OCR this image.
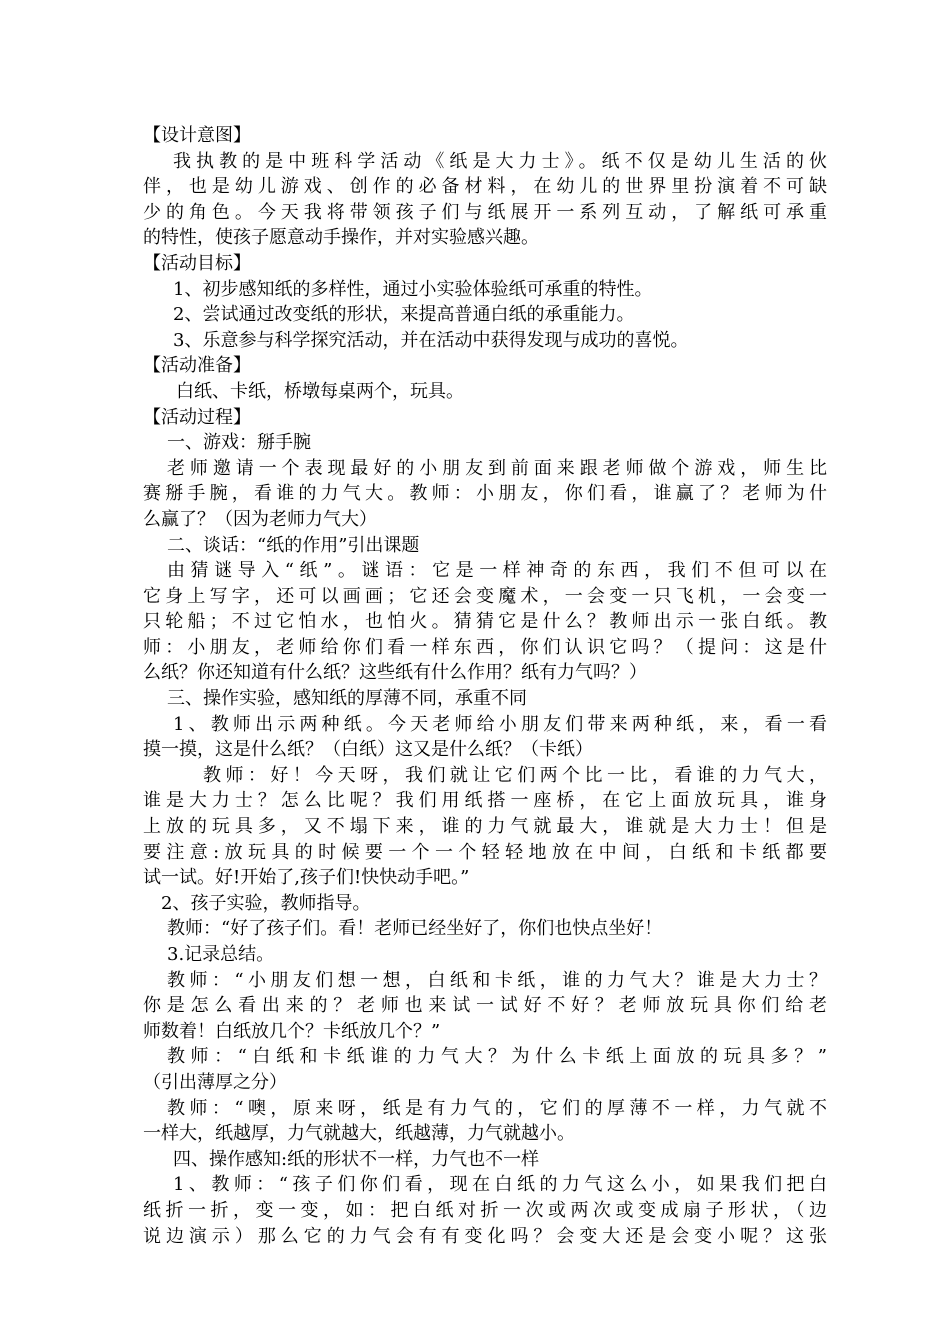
【设计意图】
我执教的是中班科学活动《纸是大力士》。纸不仅是幼儿生活的伙
伴，也是幼儿游戏、创作的必备材料，在幼儿的世界里扮演着不可缺
少的角色。今天我将带领孩子们与纸展开一系列互动，了解纸可承重
的特性，使孩子愿意动手操作，并对实验感兴趣。
【活动目标】
1、初步感知纸的多样性，通过小实验体验纸可承重的特性。
2、尝试通过改变纸的形状，来提高普通白纸的承重能力。
3、乐意参与科学探究活动，并在活动中获得发现与成功的喜悦。
【活动准备】
白纸、卡纸，桥墩每桌两个，玩具。
【活动过程】
一、游戏：掰手腕
老师邀请一个表现最好的小朋友到前面来跟老师做个游戏，师生比
赛掰手腕，看谁的力气大。教师：小朋友，你们看，谁赢了？老师为什
么赢了？（因为老师力气大）
二、谈话：“纸的作用”引出课题
由猜谜导入“纸”。谜语：它是一样神奇的东西，我们不但可以在
它身上写字，还可以画画；它还会变魔术，一会变一只飞机，一会变一
只轮船；不过它怕水，也怕火。猜猜它是什么？教师出示一张白纸。教
师：小朋友，老师给你们看一样东西，你们认识它吗？（提问：这是什
么纸？你还知道有什么纸？这些纸有什么作用？纸有力气吗？）
三、操作实验，感知纸的厚薄不同，承重不同
1、教师出示两种纸。今天老师给小朋友们带来两种纸，来，看一看
摸一摸，这是什么纸？（白纸）这又是什么纸？（卡纸）
教师：好！今天呀，我们就让它们两个比一比，看谁的力气大，
谁是大力士？怎么比呢？我们用纸搭一座桥，在它上面放玩具，谁身
上放的玩具多，又不塌下来，谁的力气就最大，谁就是大力士！但是
要注意:放玩具的时候要一个一个轻轻地放在中间，白纸和卡纸都要
试一试。好!开始了,孩子们!快快动手吧。”
2、孩子实验，教师指导。
教师：“好了孩子们。看！老师已经坐好了，你们也快点坐好！
3.记录总结。
教师：“小朋友们想一想，白纸和卡纸，谁的力气大？谁是大力士？
你是怎么看出来的？老师也来试一试好不好？老师放玩具你们给老
师数着！白纸放几个？卡纸放几个？”
教师：“白纸和卡纸谁的力气大？为什么卡纸上面放的玩具多？”
（引出薄厚之分）
教师：“噢，原来呀，纸是有力气的，它们的厚薄不一样，力气就不
一样大，纸越厚，力气就越大，纸越薄，力气就越小。
四、操作感知:纸的形状不一样，力气也不一样
1、教师：“孩子们你们看，现在白纸的力气这么小，如果我们把白
纸折一折，变一变，如：把白纸对折一次或两次或变成扇子形状，（边
说边演示）那么它的力气会有有变化吗？会变大还是会变小呢？这张
